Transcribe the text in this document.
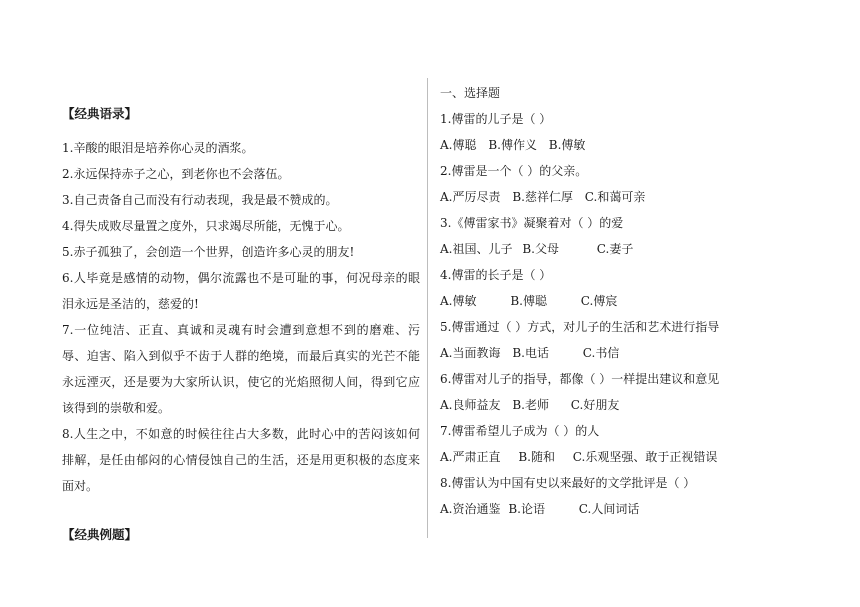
【经典语录】

1.辛酸的眼泪是培养你心灵的酒浆。

2.永远保持赤子之心，到老你也不会落伍。

3.自己责备自己而没有行动表现，我是最不赞成的。

4.得失成败尽量置之度外，只求竭尽所能，无愧于心。

5.赤子孤独了，会创造一个世界，创造许多心灵的朋友!

6.人毕竟是感情的动物，偶尔流露也不是可耻的事，何况母亲的眼泪永远是圣洁的，慈爱的!

7.一位纯洁、正直、真诚和灵魂有时会遭到意想不到的磨难、污辱、迫害、陷入到似乎不齿于人群的绝境，而最后真实的光芒不能永远湮灭，还是要为大家所认识，使它的光焰照彻人间，得到它应该得到的崇敬和爱。

8.人生之中，不如意的时候往往占大多数，此时心中的苦闷该如何排解，是任由郁闷的心情侵蚀自己的生活，还是用更积极的态度来面对。

【经典例题】

一、选择题

1.傅雷的儿子是（ ）

A.傅聪 B.傅作义 B.傅敏

2.傅雷是一个（ ）的父亲。

A.严厉尽责 B.慈祥仁厚 C.和蔼可亲

3.《傅雷家书》凝聚着对（ ）的爱

A.祖国、儿子 B.父母	C.妻子

4.傅雷的长子是（ ）

A.傅敏	B.傅聪	C.傅宸

5.傅雷通过（ ）方式，对儿子的生活和艺术进行指导

A.当面教诲 B.电话	C.书信

6.傅雷对儿子的指导，都像（ ）一样提出建议和意见

A.良师益友 B.老师 C.好朋友

7.傅雷希望儿子成为（ ）的人

A.严肃正直 B.随和 C.乐观坚强、敢于正视错误

8.傅雷认为中国有史以来最好的文学批评是（ ）

A.资治通鉴 B.论语	C.人间词话
